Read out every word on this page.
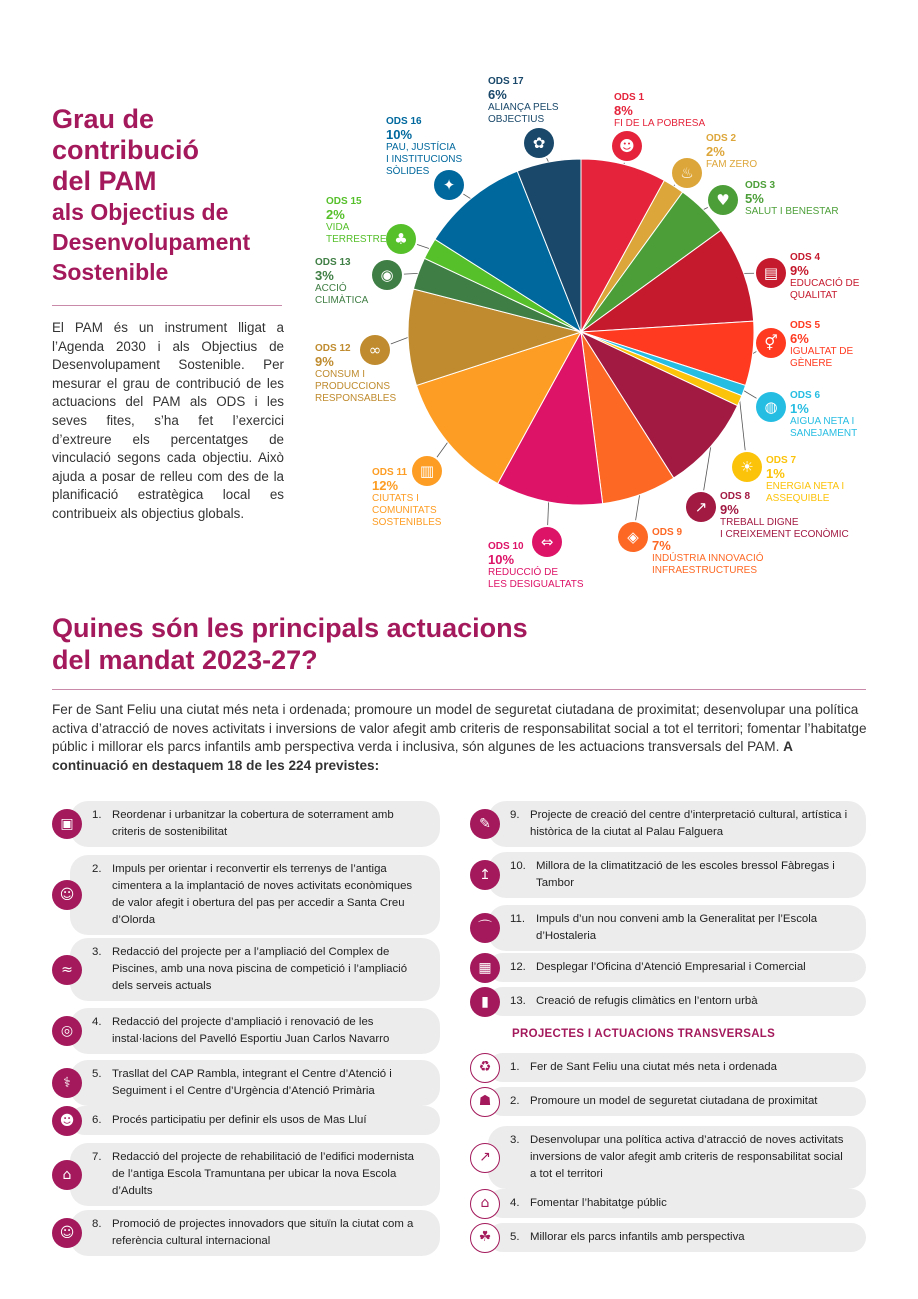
Grau de
contribució
del PAM
als Objectius de
Desenvolupament
Sostenible

El PAM és un instrument lligat a l’Agenda 2030 i als Objectius de Desenvolupament Sostenible. Per mesurar el grau de contribució de les actuacions del PAM als ODS i les seves fites, s’ha fet l’exercici d’extreure els percentatges de vinculació segons cada objectiu. Això ajuda a posar de relleu com des de la planificació estratègica local es contribueix als objectius globals.

☻
ODS 1
8%
FI DE LA POBRESA
♨
ODS 2
2%
FAM ZERO
♥
ODS 3
5%
SALUT I BENESTAR
▤
ODS 4
9%
EDUCACIÓ DE
QUALITAT
⚥
ODS 5
6%
IGUALTAT DE
GÈNERE
◍
ODS 6
1%
AIGUA NETA I
SANEJAMENT
☀	ODS 7
1%
ENERGIA NETA I
ASSEQUIBLE
↗
ODS 8
9%
TREBALL DIGNE
I CREIXEMENT ECONÒMIC
◈	ODS 9
7%
INDÚSTRIA INNOVACIÓ
INFRAESTRUCTURES
⇔
ODS 10
10%
REDUCCIÓ DE
LES DESIGUALTATS
▥
ODS 11
12%
CIUTATS I
COMUNITATS
SOSTENIBLES
∞
ODS 12
9%
CONSUM I
PRODUCCIONS
RESPONSABLES
◉
ODS 13
3%
ACCIÓ
CLIMÀTICA
♣
ODS 15
2%
VIDA
TERRESTRE
✦
ODS 16
10%
PAU, JUSTÍCIA
I INSTITUCIONS
SÒLIDES
✿
ODS 17
6%
ALIANÇA PELS
OBJECTIUS
Quines són les principals actuacions
del mandat 2023-27?

Fer de Sant Feliu una ciutat més neta i ordenada; promoure un model de seguretat ciutadana de proximitat; desenvolupar una política activa d’atracció de noves activitats i inversions de valor afegit amb criteris de responsabilitat social a tot el territori; fomentar l’habitatge públic i millorar els parcs infantils amb perspectiva verda i inclusiva, són algunes de les actuacions transversals del PAM. A continuació en destaquem 18 de les 224 previstes:

▣
1. Reordenar i urbanitzar la cobertura de soterrament amb criteris de sostenibilitat
☺
2. Impuls per orientar i reconvertir els terrenys de l’antiga cimentera a la implantació de noves activitats econòmiques de valor afegit i obertura del pas per accedir a Santa Creu d’Olorda
≈
3. Redacció del projecte per a l’ampliació del Complex de Piscines, amb una nova piscina de competició i l’ampliació dels serveis actuals
◎
4. Redacció del projecte d’ampliació i renovació de les instal·lacions del Pavelló Esportiu Juan Carlos Navarro
⚕
5. Trasllat del CAP Rambla, integrant el Centre d’Atenció i Seguiment i el Centre d’Urgència d’Atenció Primària
☻	6. Procés participatiu per definir els usos de Mas Lluí
⌂
7. Redacció del projecte de rehabilitació de l’edifici modernista de l’antiga Escola Tramuntana per ubicar la nova Escola d’Adults
☺
8. Promoció de projectes innovadors que situïn la ciutat com a referència cultural internacional
✎
9. Projecte de creació del centre d’interpretació cultural, artística i històrica de la ciutat al Palau Falguera
↥
10. Millora de la climatització de les escoles bressol Fàbregas i Tambor
⌒
11. Impuls d’un nou conveni amb la Generalitat per l’Escola d’Hostaleria
▦	12. Desplegar l’Oficina d’Atenció Empresarial i Comercial
▮	13. Creació de refugis climàtics en l’entorn urbà
♻	1. Fer de Sant Feliu una ciutat més neta i ordenada
☗	2. Promoure un model de seguretat ciutadana de proximitat
↗
3. Desenvolupar una política activa d’atracció de noves activitats inversions de valor afegit amb criteris de responsabilitat social a tot el territori
⌂	4. Fomentar l’habitatge públic
☘	5. Millorar els parcs infantils amb perspectiva
PROJECTES I ACTUACIONS TRANSVERSALS
